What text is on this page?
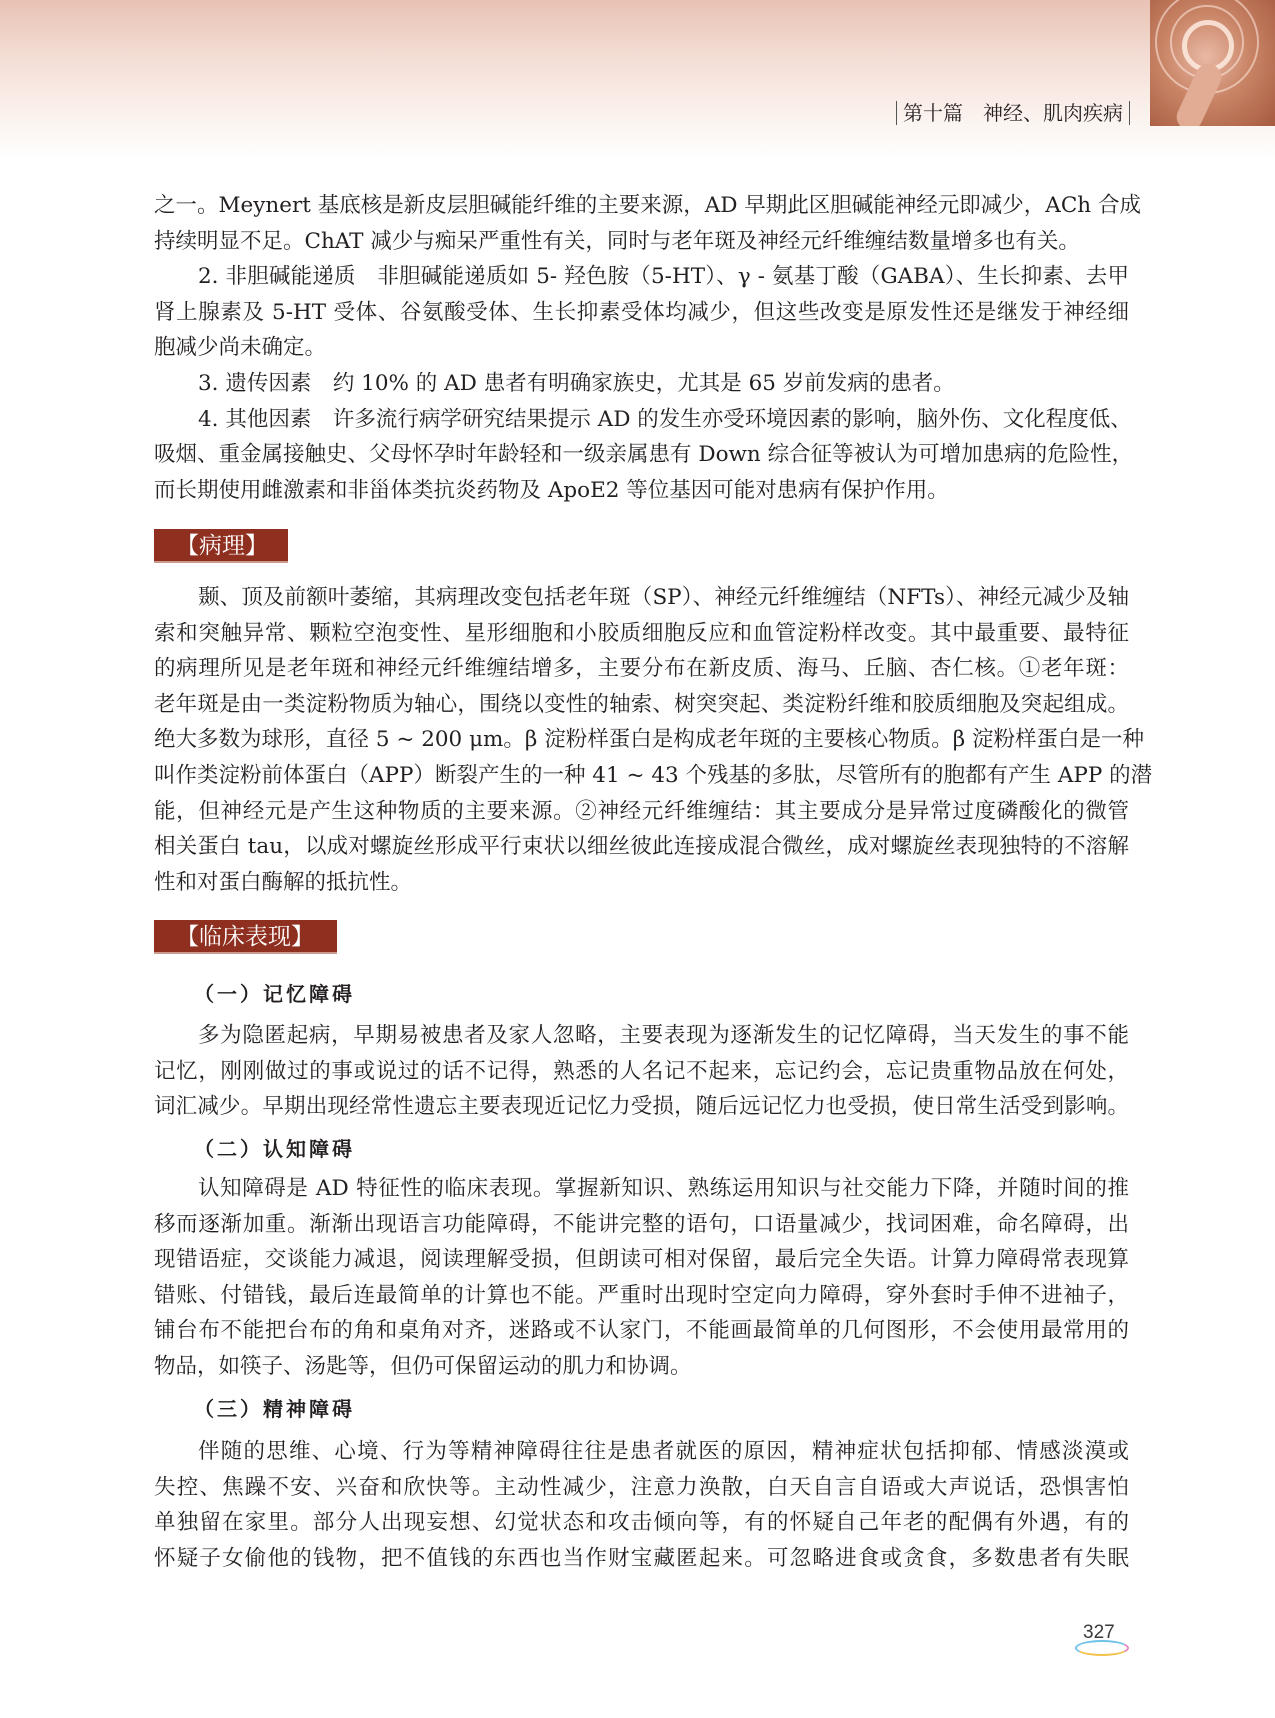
第十篇　神经、肌肉疾病
之一。Meynert 基底核是新皮层胆碱能纤维的主要来源，AD 早期此区胆碱能神经元即减少，ACh 合成
持续明显不足。ChAT 减少与痴呆严重性有关，同时与老年斑及神经元纤维缠结数量增多也有关。
2. 非胆碱能递质　非胆碱能递质如 5- 羟色胺（5-HT）、γ - 氨基丁酸（GABA）、生长抑素、去甲
肾上腺素及 5-HT 受体、谷氨酸受体、生长抑素受体均减少，但这些改变是原发性还是继发于神经细
胞减少尚未确定。
3. 遗传因素　约 10% 的 AD 患者有明确家族史，尤其是 65 岁前发病的患者。
4. 其他因素　许多流行病学研究结果提示 AD 的发生亦受环境因素的影响，脑外伤、文化程度低、
吸烟、重金属接触史、父母怀孕时年龄轻和一级亲属患有 Down 综合征等被认为可增加患病的危险性，
而长期使用雌激素和非甾体类抗炎药物及 ApoE2 等位基因可能对患病有保护作用。
【病理】
颞、顶及前额叶萎缩，其病理改变包括老年斑（SP）、神经元纤维缠结（NFTs）、神经元减少及轴
索和突触异常、颗粒空泡变性、星形细胞和小胶质细胞反应和血管淀粉样改变。其中最重要、最特征
的病理所见是老年斑和神经元纤维缠结增多，主要分布在新皮质、海马、丘脑、杏仁核。①老年斑：
老年斑是由一类淀粉物质为轴心，围绕以变性的轴索、树突突起、类淀粉纤维和胶质细胞及突起组成。
绝大多数为球形，直径 5 ~ 200 μm。β 淀粉样蛋白是构成老年斑的主要核心物质。β 淀粉样蛋白是一种
叫作类淀粉前体蛋白（APP）断裂产生的一种 41 ~ 43 个残基的多肽，尽管所有的胞都有产生 APP 的潜
能，但神经元是产生这种物质的主要来源。②神经元纤维缠结：其主要成分是异常过度磷酸化的微管
相关蛋白 tau，以成对螺旋丝形成平行束状以细丝彼此连接成混合微丝，成对螺旋丝表现独特的不溶解
性和对蛋白酶解的抵抗性。
【临床表现】
（一）记忆障碍
多为隐匿起病，早期易被患者及家人忽略，主要表现为逐渐发生的记忆障碍，当天发生的事不能
记忆，刚刚做过的事或说过的话不记得，熟悉的人名记不起来，忘记约会，忘记贵重物品放在何处，
词汇减少。早期出现经常性遗忘主要表现近记忆力受损，随后远记忆力也受损，使日常生活受到影响。
（二）认知障碍
认知障碍是 AD 特征性的临床表现。掌握新知识、熟练运用知识与社交能力下降，并随时间的推
移而逐渐加重。渐渐出现语言功能障碍，不能讲完整的语句，口语量减少，找词困难，命名障碍，出
现错语症，交谈能力减退，阅读理解受损，但朗读可相对保留，最后完全失语。计算力障碍常表现算
错账、付错钱，最后连最简单的计算也不能。严重时出现时空定向力障碍，穿外套时手伸不进袖子，
铺台布不能把台布的角和桌角对齐，迷路或不认家门，不能画最简单的几何图形，不会使用最常用的
物品，如筷子、汤匙等，但仍可保留运动的肌力和协调。
（三）精神障碍
伴随的思维、心境、行为等精神障碍往往是患者就医的原因，精神症状包括抑郁、情感淡漠或
失控、焦躁不安、兴奋和欣快等。主动性减少，注意力涣散，白天自言自语或大声说话，恐惧害怕
单独留在家里。部分人出现妄想、幻觉状态和攻击倾向等，有的怀疑自己年老的配偶有外遇，有的
怀疑子女偷他的钱物，把不值钱的东西也当作财宝藏匿起来。可忽略进食或贪食，多数患者有失眠
327
